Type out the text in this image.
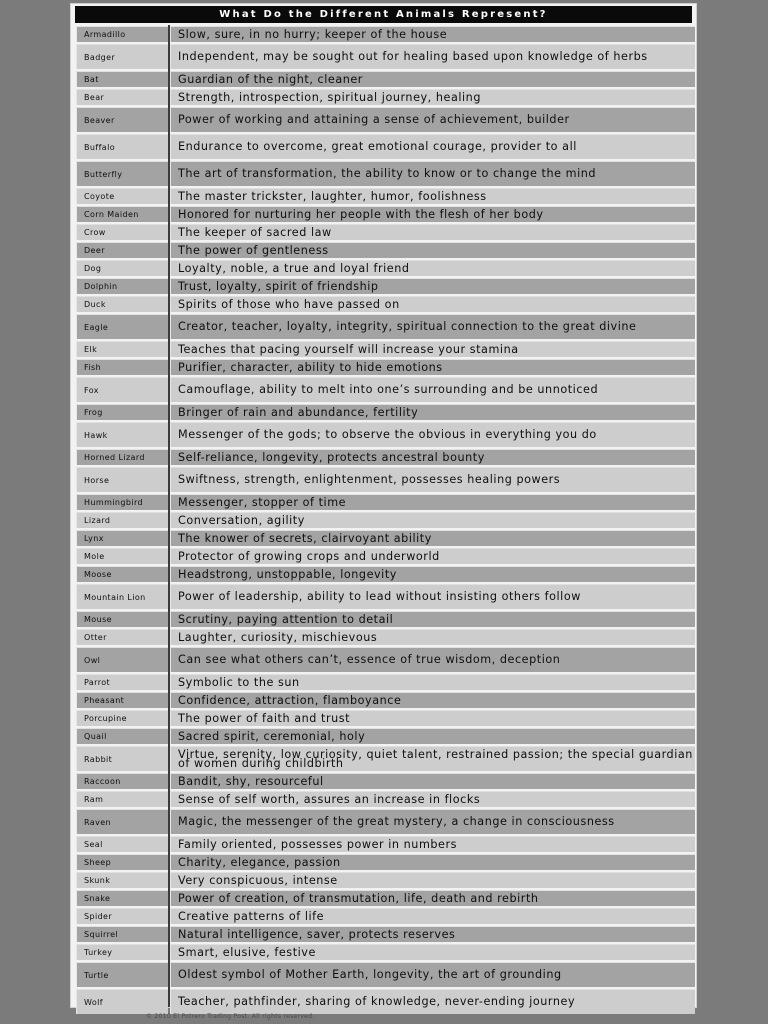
What Do the Different Animals Represent?
Armadillo	Slow, sure, in no hurry; keeper of the house
Badger	Independent, may be sought out for healing based upon knowledge of herbs
Bat	Guardian of the night, cleaner
Bear	Strength, introspection, spiritual journey, healing
Beaver	Power of working and attaining a sense of achievement, builder
Buffalo	Endurance to overcome, great emotional courage, provider to all
Butterfly	The art of transformation, the ability to know or to change the mind
Coyote	The master trickster, laughter, humor, foolishness
Corn Maiden	Honored for nurturing her people with the flesh of her body
Crow	The keeper of sacred law
Deer	The power of gentleness
Dog	Loyalty, noble, a true and loyal friend
Dolphin	Trust, loyalty, spirit of friendship
Duck	Spirits of those who have passed on
Eagle	Creator, teacher, loyalty, integrity, spiritual connection to the great divine
Elk	Teaches that pacing yourself will increase your stamina
Fish	Purifier, character, ability to hide emotions
Fox	Camouflage, ability to melt into one’s surrounding and be unnoticed
Frog	Bringer of rain and abundance, fertility
Hawk	Messenger of the gods; to observe the obvious in everything you do
Horned Lizard	Self-reliance, longevity, protects ancestral bounty
Horse	Swiftness, strength, enlightenment, possesses healing powers
Hummingbird	Messenger, stopper of time
Lizard	Conversation, agility
Lynx	The knower of secrets, clairvoyant ability
Mole	Protector of growing crops and underworld
Moose	Headstrong, unstoppable, longevity
Mountain Lion	Power of leadership, ability to lead without insisting others follow
Mouse	Scrutiny, paying attention to detail
Otter	Laughter, curiosity, mischievous
Owl	Can see what others can’t, essence of true wisdom, deception
Parrot	Symbolic to the sun
Pheasant	Confidence, attraction, flamboyance
Porcupine	The power of faith and trust
Quail	Sacred spirit, ceremonial, holy
Rabbit	Virtue, serenity, low curiosity, quiet talent, restrained passion; the special guardian of women during childbirth
Raccoon	Bandit, shy, resourceful
Ram	Sense of self worth, assures an increase in flocks
Raven	Magic, the messenger of the great mystery, a change in consciousness
Seal	Family oriented, possesses power in numbers
Sheep	Charity, elegance, passion
Skunk	Very conspicuous, intense
Snake	Power of creation, of transmutation, life, death and rebirth
Spider	Creative patterns of life
Squirrel	Natural intelligence, saver, protects reserves
Turkey	Smart, elusive, festive
Turtle	Oldest symbol of Mother Earth, longevity, the art of grounding
Wolf	Teacher, pathfinder, sharing of knowledge, never-ending journey
© 2010 El Potrero Trading Post. All rights reserved.
